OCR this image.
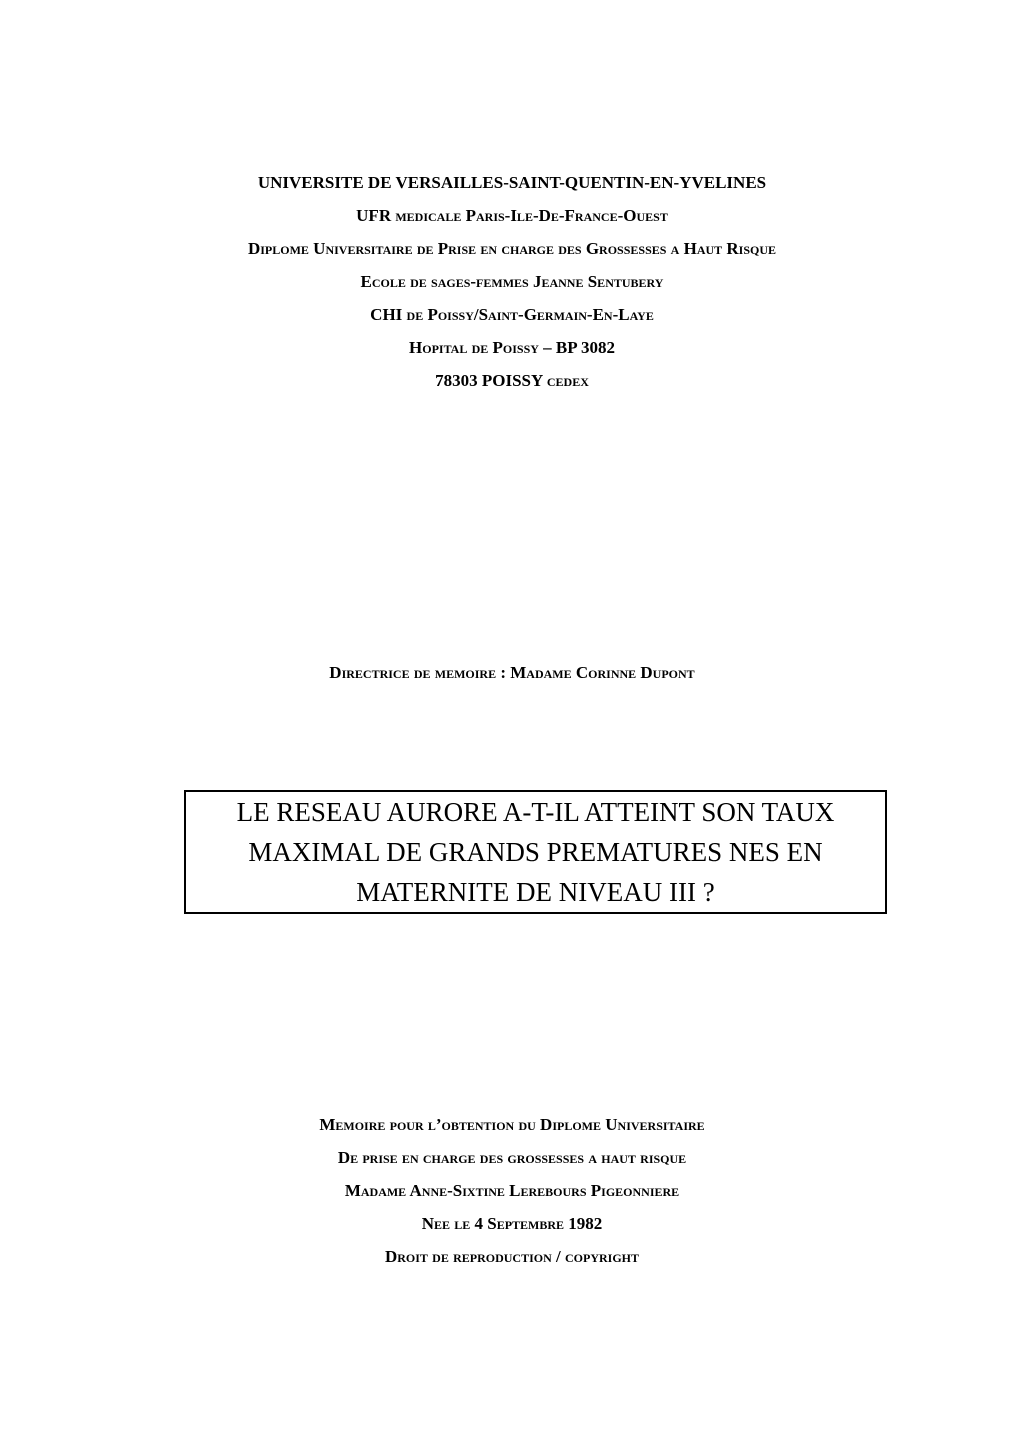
UNIVERSITE DE VERSAILLES-SAINT-QUENTIN-EN-YVELINES
UFR medicale Paris-Ile-De-France-Ouest
Diplome Universitaire de Prise en charge des Grossesses a Haut Risque
Ecole de sages-femmes Jeanne Sentubery
CHI de Poissy/Saint-Germain-En-Laye
Hopital de Poissy – BP 3082
78303 POISSY cedex
Directrice de memoire : Madame Corinne Dupont
LE RESEAU AURORE A-T-IL ATTEINT SON TAUX
MAXIMAL DE GRANDS PREMATURES NES EN
MATERNITE DE NIVEAU III ?
Memoire pour l’obtention du Diplome Universitaire
De prise en charge des grossesses a haut risque
Madame Anne-Sixtine Lerebours Pigeonniere
Nee le 4 Septembre 1982
Droit de reproduction / copyright
